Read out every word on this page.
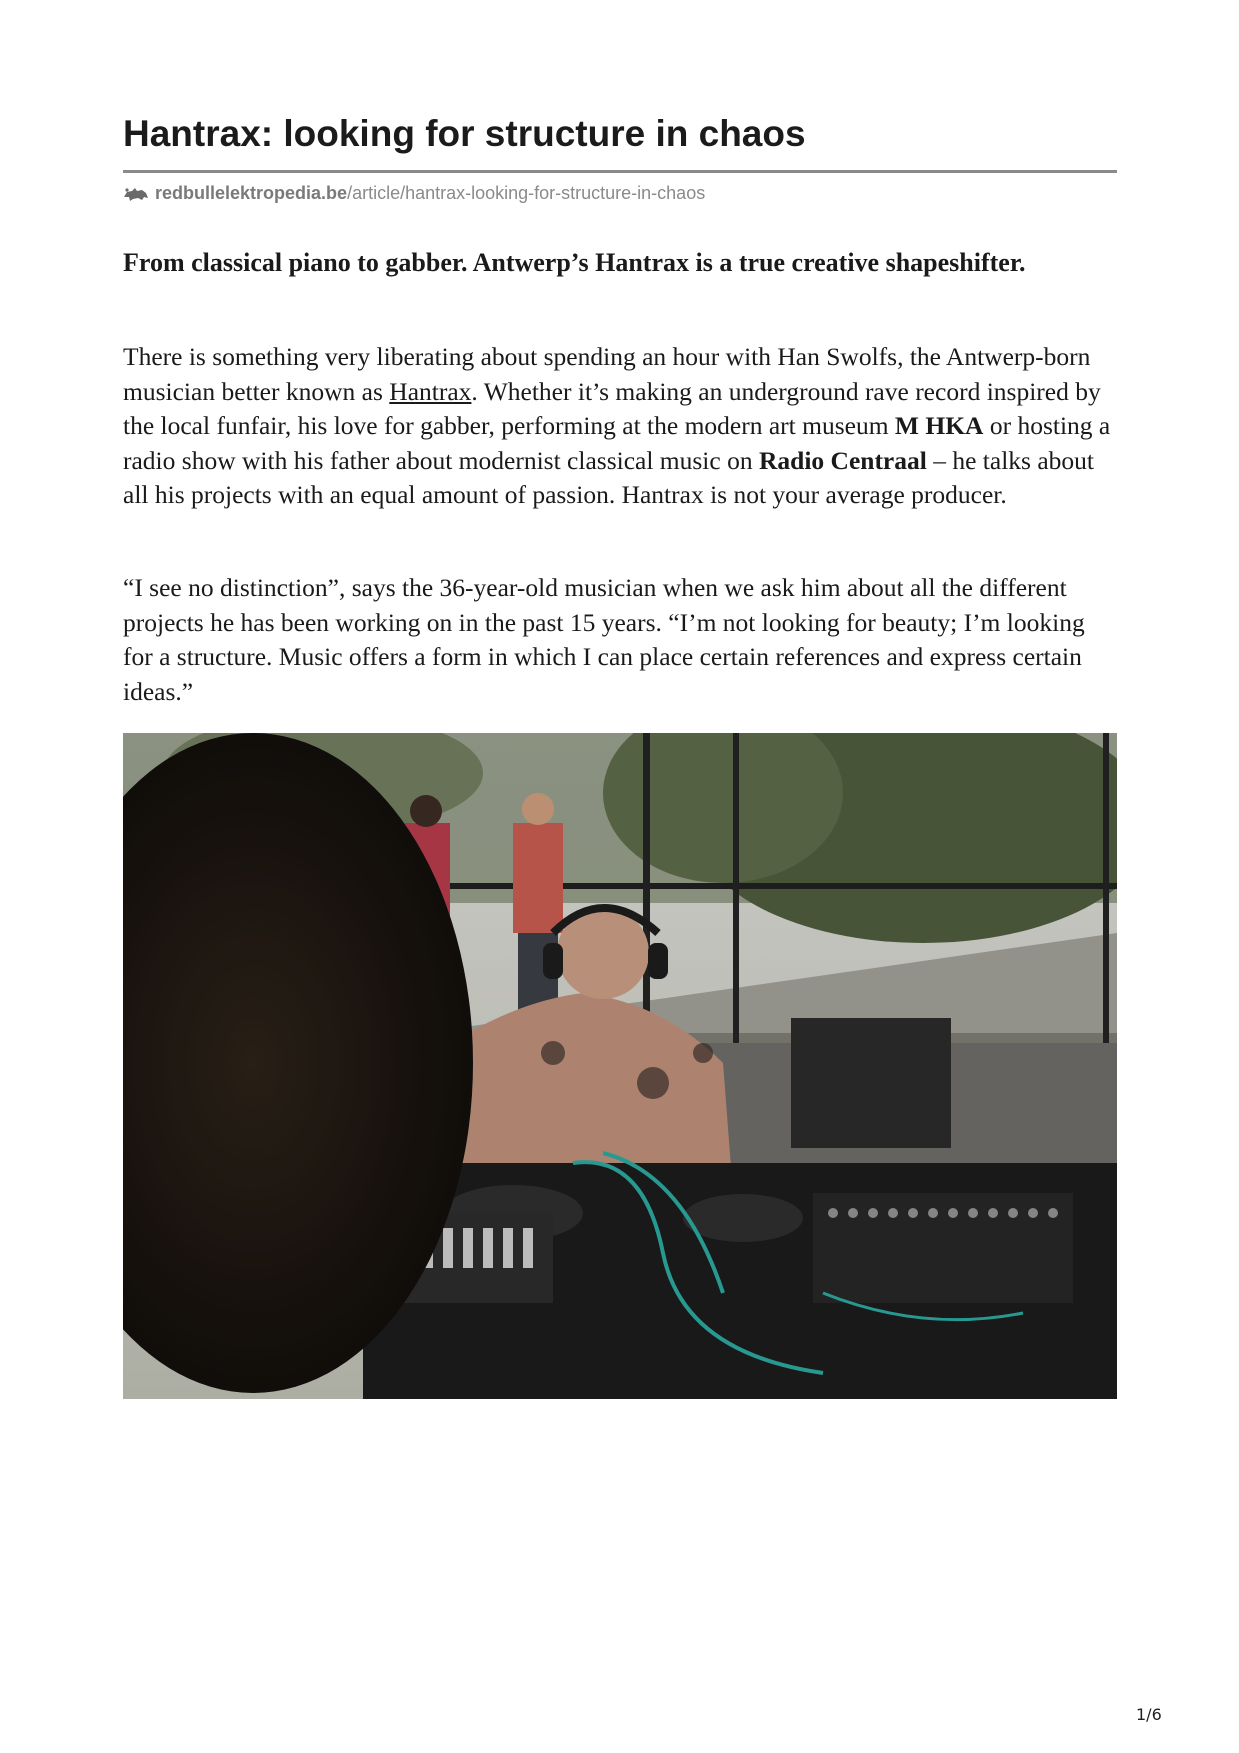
Hantrax: looking for structure in chaos
redbullelektropedia.be /article/hantrax-looking-for-structure-in-chaos

From classical piano to gabber. Antwerp’s Hantrax is a true creative shapeshifter.

There is something very liberating about spending an hour with Han Swolfs, the Antwerp-born musician better known as Hantrax. Whether it’s making an underground rave record inspired by the local funfair, his love for gabber, performing at the modern art museum M HKA or hosting a radio show with his father about modernist classical music on Radio Centraal – he talks about all his projects with an equal amount of passion. Hantrax is not your average producer.

“I see no distinction”, says the 36-year-old musician when we ask him about all the different projects he has been working on in the past 15 years. “I’m not looking for beauty; I’m looking for a structure. Music offers a form in which I can place certain references and express certain ideas.”

1/6
